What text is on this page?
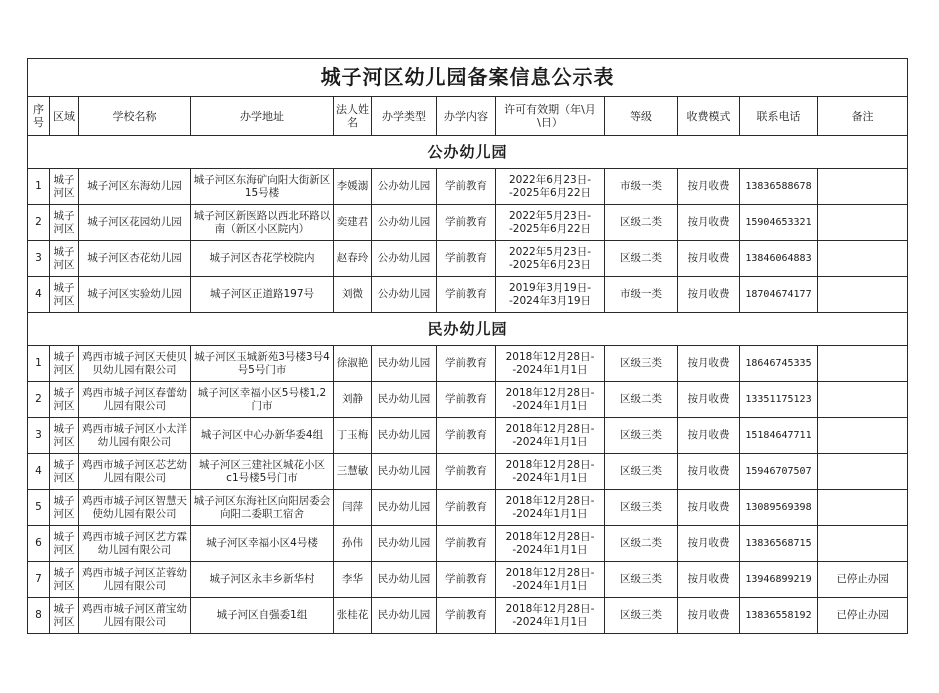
城子河区幼儿园备案信息公示表											
序号	区域	学校名称	办学地址	法人姓名	办学类型	办学内容	许可有效期（年\月\日）	等级	收费模式	联系电话	备注
公办幼儿园											
1	城子河区	城子河区东海幼儿园	城子河区东海矿向阳大街新区15号楼	李媛溺	公办幼儿园	学前教育	2022年6月23日--2025年6月22日	市级一类	按月收费	13836588678	
2	城子河区	城子河区花园幼儿园	城子河区新医路以西北环路以南（新区小区院内）	奕建君	公办幼儿园	学前教育	2022年5月23日--2025年6月22日	区级二类	按月收费	15904653321	
3	城子河区	城子河区杏花幼儿园	城子河区杏花学校院内	赵春玲	公办幼儿园	学前教育	2022年5月23日--2025年6月23日	区级二类	按月收费	13846064883	
4	城子河区	城子河区实验幼儿园	城子河区正道路197号	刘微	公办幼儿园	学前教育	2019年3月19日--2024年3月19日	市级一类	按月收费	18704674177	
民办幼儿园											
1	城子河区	鸡西市城子河区天使贝贝幼儿园有限公司	城子河区玉城新苑3号楼3号4号5号门市	徐淑艳	民办幼儿园	学前教育	2018年12月28日--2024年1月1日	区级三类	按月收费	18646745335	
2	城子河区	鸡西市城子河区春蕾幼儿园有限公司	城子河区幸福小区5号楼1,2门市	刘静	民办幼儿园	学前教育	2018年12月28日--2024年1月1日	区级二类	按月收费	13351175123	
3	城子河区	鸡西市城子河区小太洋幼儿园有限公司	城子河区中心办新华委4组	丁玉梅	民办幼儿园	学前教育	2018年12月28日--2024年1月1日	区级三类	按月收费	15184647711	
4	城子河区	鸡西市城子河区芯艺幼儿园有限公司	城子河区三建社区城花小区c1号楼5号门市	三慧敏	民办幼儿园	学前教育	2018年12月28日--2024年1月1日	区级三类	按月收费	15946707507	
5	城子河区	鸡西市城子河区智慧天使幼儿园有限公司	城子河区东海社区向阳居委会向阳二委职工宿舍	闫萍	民办幼儿园	学前教育	2018年12月28日--2024年1月1日	区级三类	按月收费	13089569398	
6	城子河区	鸡西市城子河区艺方霖幼儿园有限公司	城子河区幸福小区4号楼	孙伟	民办幼儿园	学前教育	2018年12月28日--2024年1月1日	区级二类	按月收费	13836568715	
7	城子河区	鸡西市城子河区芷蓉幼儿园有限公司	城子河区永丰乡新华村	李华	民办幼儿园	学前教育	2018年12月28日--2024年1月1日	区级三类	按月收费	13946899219	已停止办园
8	城子河区	鸡西市城子河区莆宝幼儿园有限公司	城子河区自强委1组	张桂花	民办幼儿园	学前教育	2018年12月28日--2024年1月1日	区级三类	按月收费	13836558192	已停止办园
